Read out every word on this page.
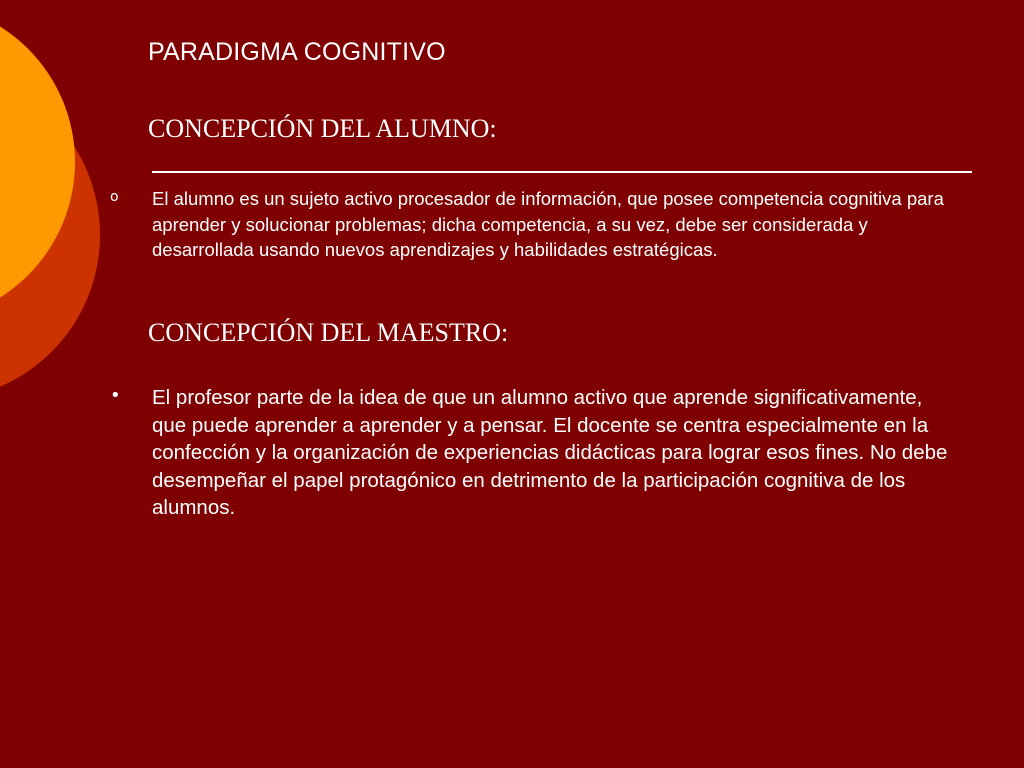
PARADIGMA COGNITIVO
CONCEPCIÓN DEL ALUMNO:
o	El alumno es un sujeto activo procesador de información, que posee competencia cognitiva para aprender y solucionar problemas; dicha competencia, a su vez, debe ser considerada y desarrollada usando nuevos aprendizajes y habilidades estratégicas.
CONCEPCIÓN DEL MAESTRO:
•	El profesor parte de la idea de que un alumno activo que aprende significativamente, que puede aprender a aprender y a pensar. El docente se centra especialmente en la confección y la organización de experiencias didácticas para lograr esos fines. No debe desempeñar el papel protagónico en detrimento de la participación cognitiva de los alumnos.
